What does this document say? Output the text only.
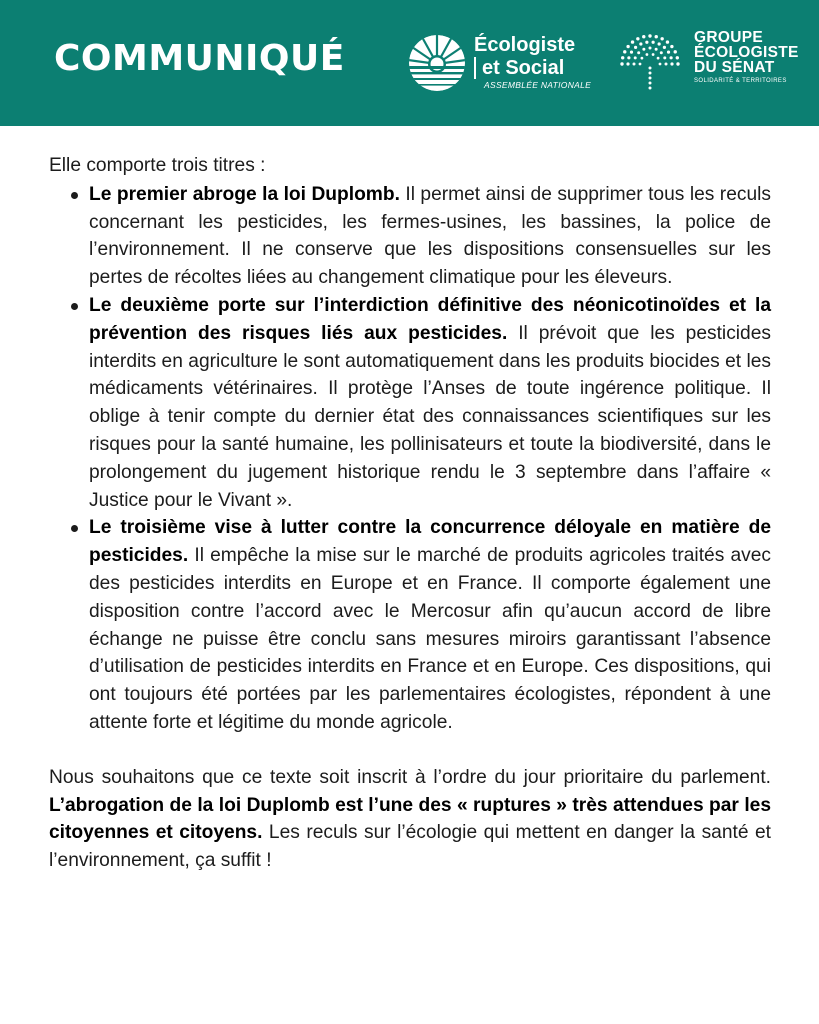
COMMUNIQUÉ	Écologiste
et Social
ASSEMBLÉE NATIONALE
GROUPE
ÉCOLOGISTE
DU SÉNAT
SOLIDARITÉ & TERRITOIRES

Elle comporte trois titres :

Le premier abroge la loi Duplomb. Il permet ainsi de supprimer tous les reculs concernant les pesticides, les fermes-usines, les bassines, la police de l’environnement. Il ne conserve que les dispositions consensuelles sur les pertes de récoltes liées au changement climatique pour les éleveurs.
Le deuxième porte sur l’interdiction définitive des néonicotinoïdes et la prévention des risques liés aux pesticides. Il prévoit que les pesticides interdits en agriculture le sont automatiquement dans les produits biocides et les médicaments vétérinaires. Il protège l’Anses de toute ingérence politique. Il oblige à tenir compte du dernier état des connaissances scientifiques sur les risques pour la santé humaine, les pollinisateurs et toute la biodiversité, dans le prolongement du jugement historique rendu le 3 septembre dans l’affaire « Justice pour le Vivant ».
Le troisième vise à lutter contre la concurrence déloyale en matière de pesticides. Il empêche la mise sur le marché de produits agricoles traités avec des pesticides interdits en Europe et en France. Il comporte également une disposition contre l’accord avec le Mercosur afin qu’aucun accord de libre échange ne puisse être conclu sans mesures miroirs garantissant l’absence d’utilisation de pesticides interdits en France et en Europe. Ces dispositions, qui ont toujours été portées par les parlementaires écologistes, répondent à une attente forte et légitime du monde agricole.

Nous souhaitons que ce texte soit inscrit à l’ordre du jour prioritaire du parlement. L’abrogation de la loi Duplomb est l’une des « ruptures » très attendues par les citoyennes et citoyens. Les reculs sur l’écologie qui mettent en danger la santé et l’environnement, ça suffit !
